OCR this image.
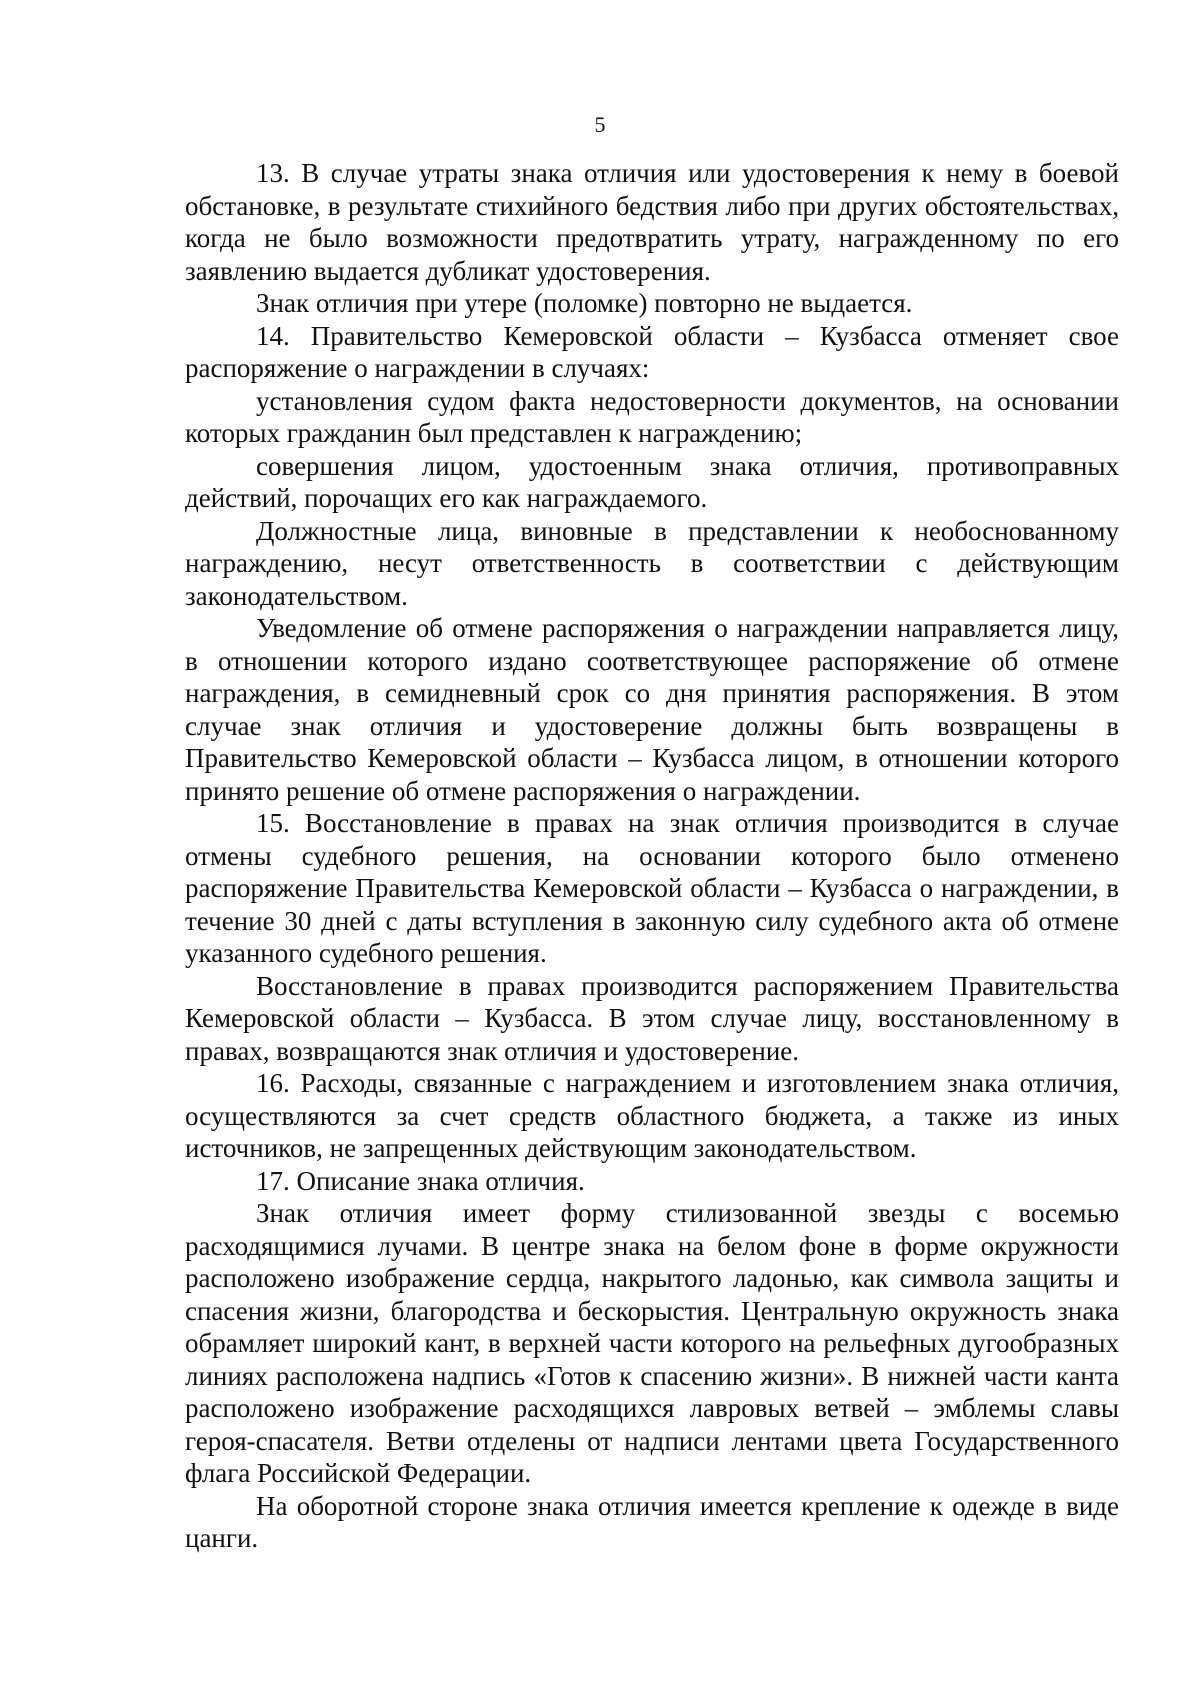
5

13. В случае утраты знака отличия или удостоверения к нему в боевой обстановке, в результате стихийного бедствия либо при других обстоятельствах, когда не было возможности предотвратить утрату, награжденному по его заявлению выдается дубликат удостоверения.

Знак отличия при утере (поломке) повторно не выдается.

14. Правительство Кемеровской области – Кузбасса отменяет свое распоряжение о награждении в случаях:

установления судом факта недостоверности документов, на основании которых гражданин был представлен к награждению;

совершения лицом, удостоенным знака отличия, противоправных действий, порочащих его как награждаемого.

Должностные лица, виновные в представлении к необоснованному награждению, несут ответственность в соответствии с действующим законодательством.

Уведомление об отмене распоряжения о награждении направляется лицу, в отношении которого издано соответствующее распоряжение об отмене награждения, в семидневный срок со дня принятия распоряжения. В этом случае знак отличия и удостоверение должны быть возвращены в Правительство Кемеровской области – Кузбасса лицом, в отношении которого принято решение об отмене распоряжения о награждении.

15. Восстановление в правах на знак отличия производится в случае отмены судебного решения, на основании которого было отменено распоряжение Правительства Кемеровской области – Кузбасса о награждении, в течение 30 дней с даты вступления в законную силу судебного акта об отмене указанного судебного решения.

Восстановление в правах производится распоряжением Правительства Кемеровской области – Кузбасса. В этом случае лицу, восстановленному в правах, возвращаются знак отличия и удостоверение.

16. Расходы, связанные с награждением и изготовлением знака отличия, осуществляются за счет средств областного бюджета, а также из иных источников, не запрещенных действующим законодательством.

17. Описание знака отличия.

Знак отличия имеет форму стилизованной звезды с восемью расходящимися лучами. В центре знака на белом фоне в форме окружности расположено изображение сердца, накрытого ладонью, как символа защиты и спасения жизни, благородства и бескорыстия. Центральную окружность знака обрамляет широкий кант, в верхней части которого на рельефных дугообразных линиях расположена надпись «Готов к спасению жизни». В нижней части канта расположено изображение расходящихся лавровых ветвей – эмблемы славы героя-спасателя. Ветви отделены от надписи лентами цвета Государственного флага Российской Федерации.

На оборотной стороне знака отличия имеется крепление к одежде в виде цанги.
